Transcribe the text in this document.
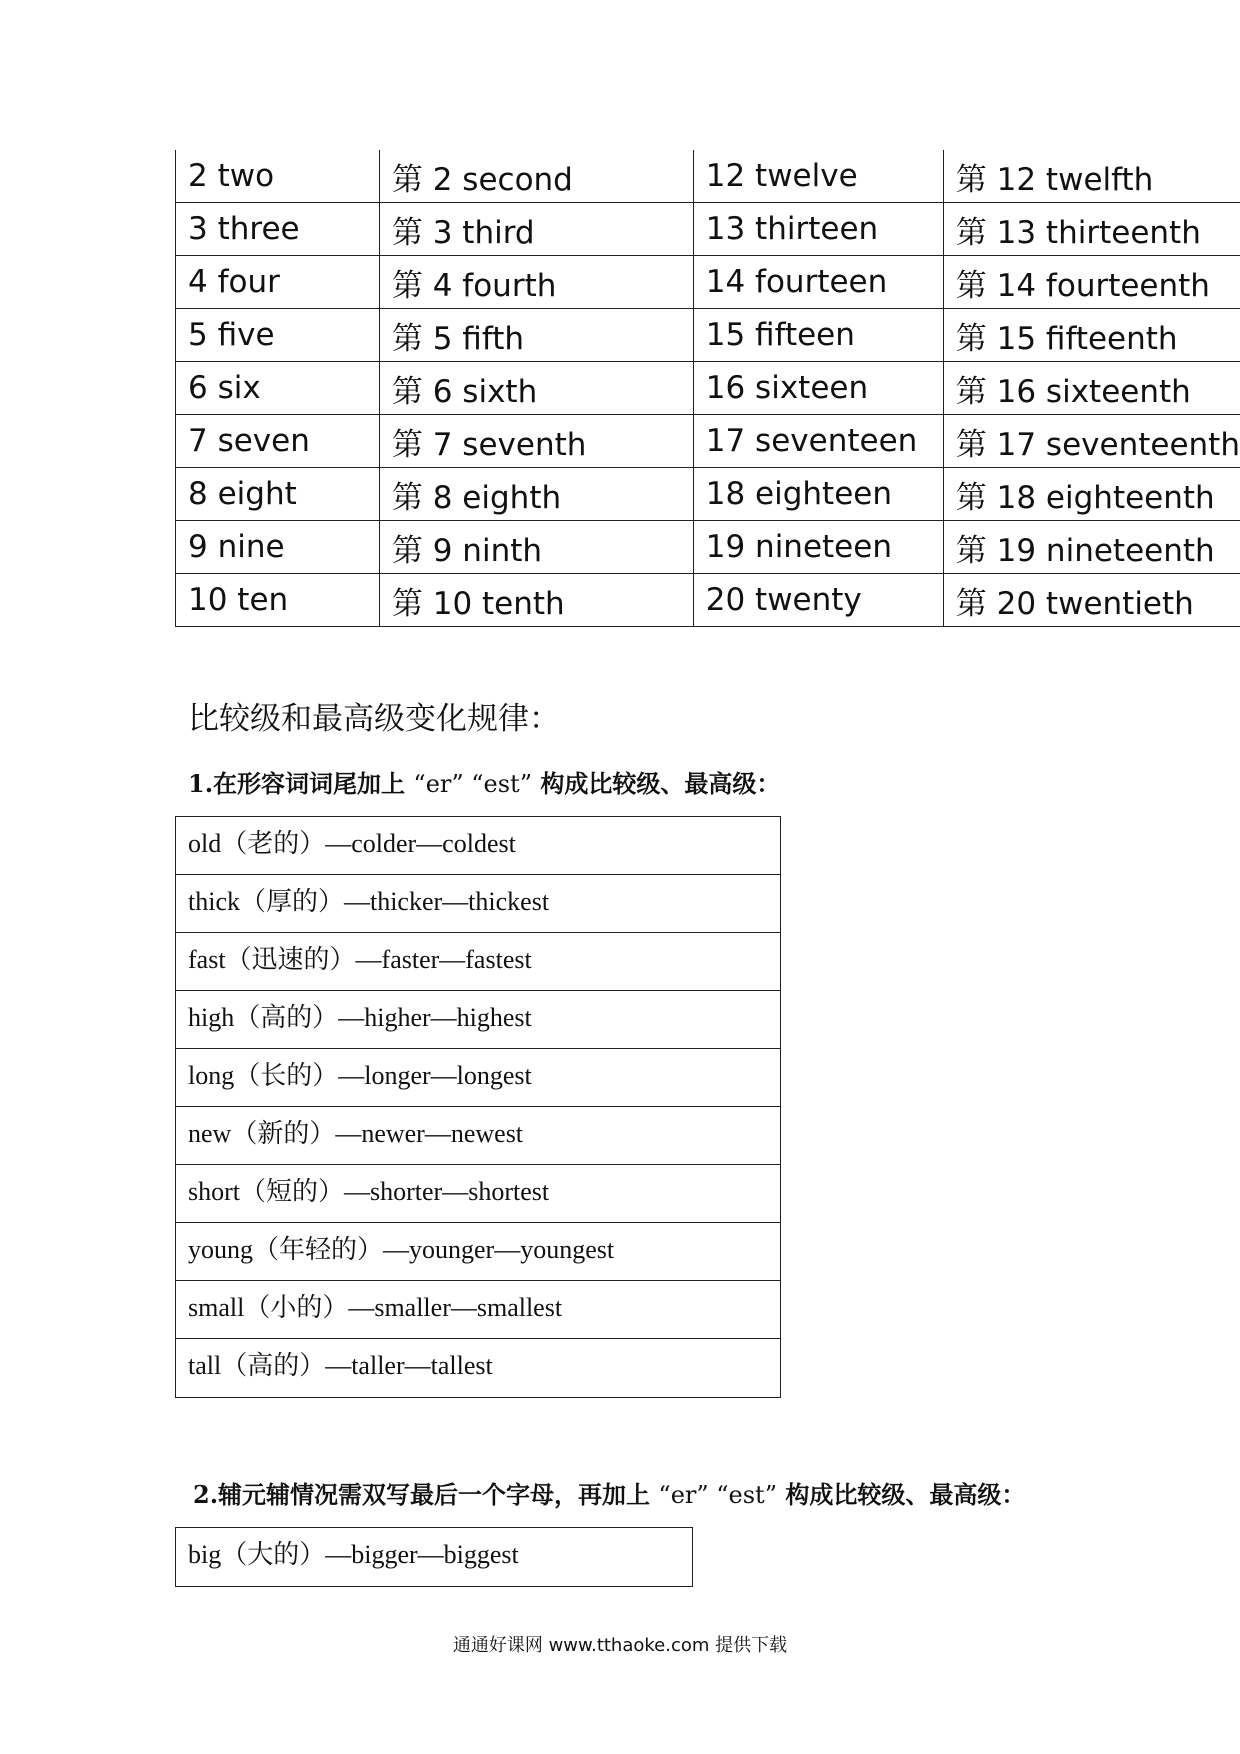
2 two	第 2 second	12 twelve	第 12 twelfth
3 three	第 3 third	13 thirteen	第 13 thirteenth
4 four	第 4 fourth	14 fourteen	第 14 fourteenth
5 five	第 5 fifth	15 fifteen	第 15 fifteenth
6 six	第 6 sixth	16 sixteen	第 16 sixteenth
7 seven	第 7 seventh	17 seventeen	第 17 seventeenth
8 eight	第 8 eighth	18 eighteen	第 18 eighteenth
9 nine	第 9 ninth	19 nineteen	第 19 nineteenth
10 ten	第 10 tenth	20 twenty	第 20 twentieth
比较级和最高级变化规律：
1.在形容词词尾加上 “er” “est” 构成比较级、最高级：
old（老的）—colder—coldest
thick（厚的）—thicker—thickest
fast（迅速的）—faster—fastest
high（高的）—higher—highest
long（长的）—longer—longest
new（新的）—newer—newest
short（短的）—shorter—shortest
young（年轻的）—younger—youngest
small（小的）—smaller—smallest
tall（高的）—taller—tallest
2.辅元辅情况需双写最后一个字母，再加上 “er” “est” 构成比较级、最高级：
big（大的）—bigger—biggest
通通好课网 www.tthaoke.com 提供下载
